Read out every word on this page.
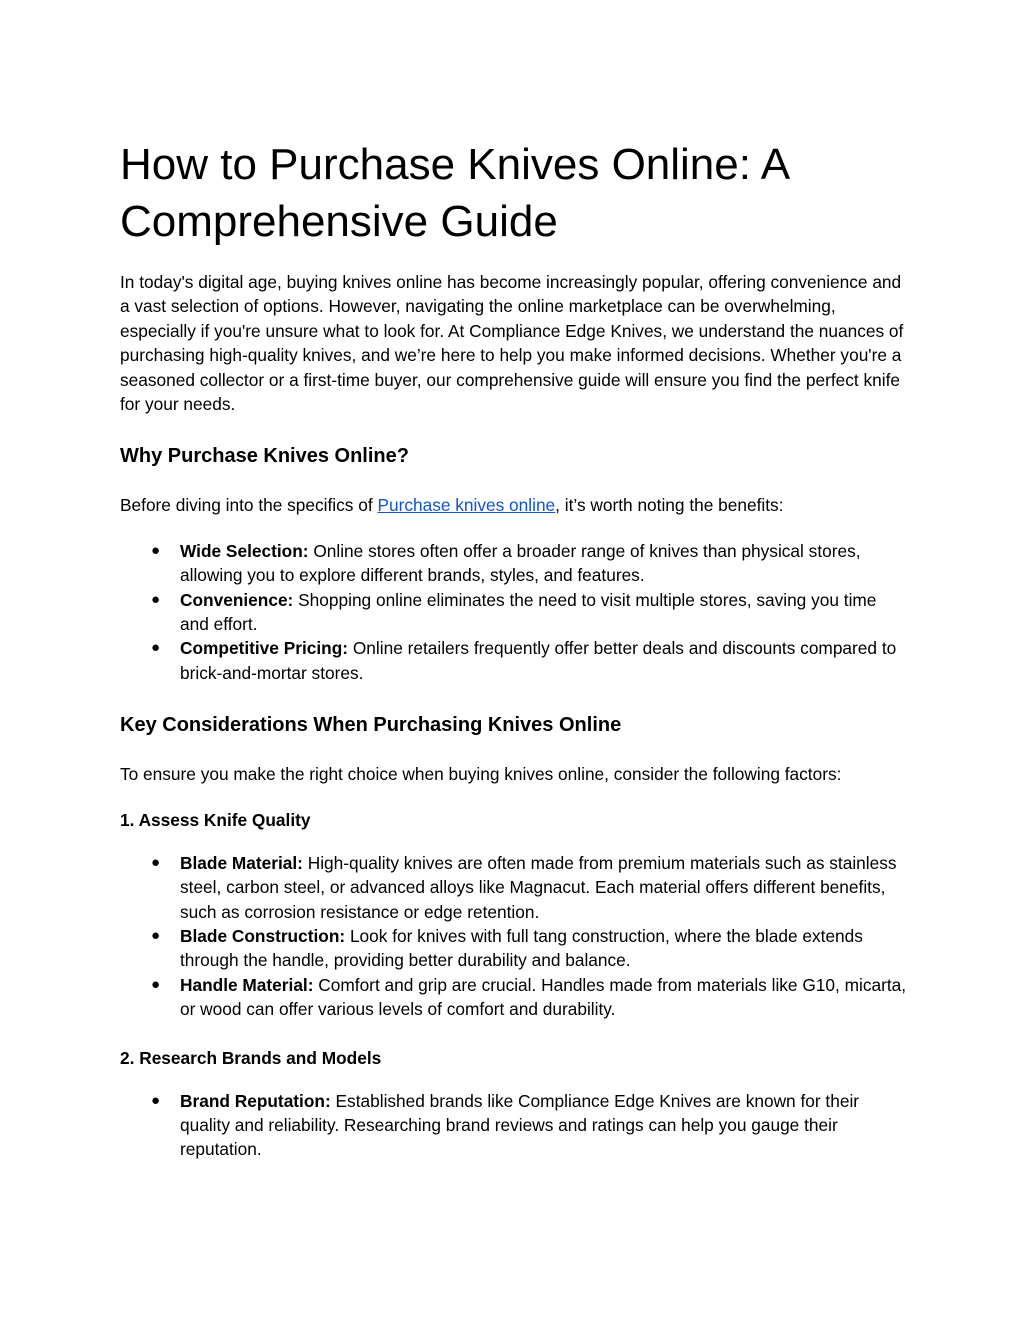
How to Purchase Knives Online: A Comprehensive Guide

In today's digital age, buying knives online has become increasingly popular, offering convenience and a vast selection of options. However, navigating the online marketplace can be overwhelming, especially if you're unsure what to look for. At Compliance Edge Knives, we understand the nuances of purchasing high-quality knives, and we’re here to help you make informed decisions. Whether you're a seasoned collector or a first-time buyer, our comprehensive guide will ensure you find the perfect knife for your needs.

Why Purchase Knives Online?

Before diving into the specifics of Purchase knives online, it’s worth noting the benefits:

● Wide Selection: Online stores often offer a broader range of knives than physical stores, allowing you to explore different brands, styles, and features.
● Convenience: Shopping online eliminates the need to visit multiple stores, saving you time and effort.
● Competitive Pricing: Online retailers frequently offer better deals and discounts compared to brick-and-mortar stores.
Key Considerations When Purchasing Knives Online

To ensure you make the right choice when buying knives online, consider the following factors:

1. Assess Knife Quality
● Blade Material: High-quality knives are often made from premium materials such as stainless steel, carbon steel, or advanced alloys like Magnacut. Each material offers different benefits, such as corrosion resistance or edge retention.
● Blade Construction: Look for knives with full tang construction, where the blade extends through the handle, providing better durability and balance.
● Handle Material: Comfort and grip are crucial. Handles made from materials like G10, micarta, or wood can offer various levels of comfort and durability.
2. Research Brands and Models
● Brand Reputation: Established brands like Compliance Edge Knives are known for their quality and reliability. Researching brand reviews and ratings can help you gauge their reputation.
